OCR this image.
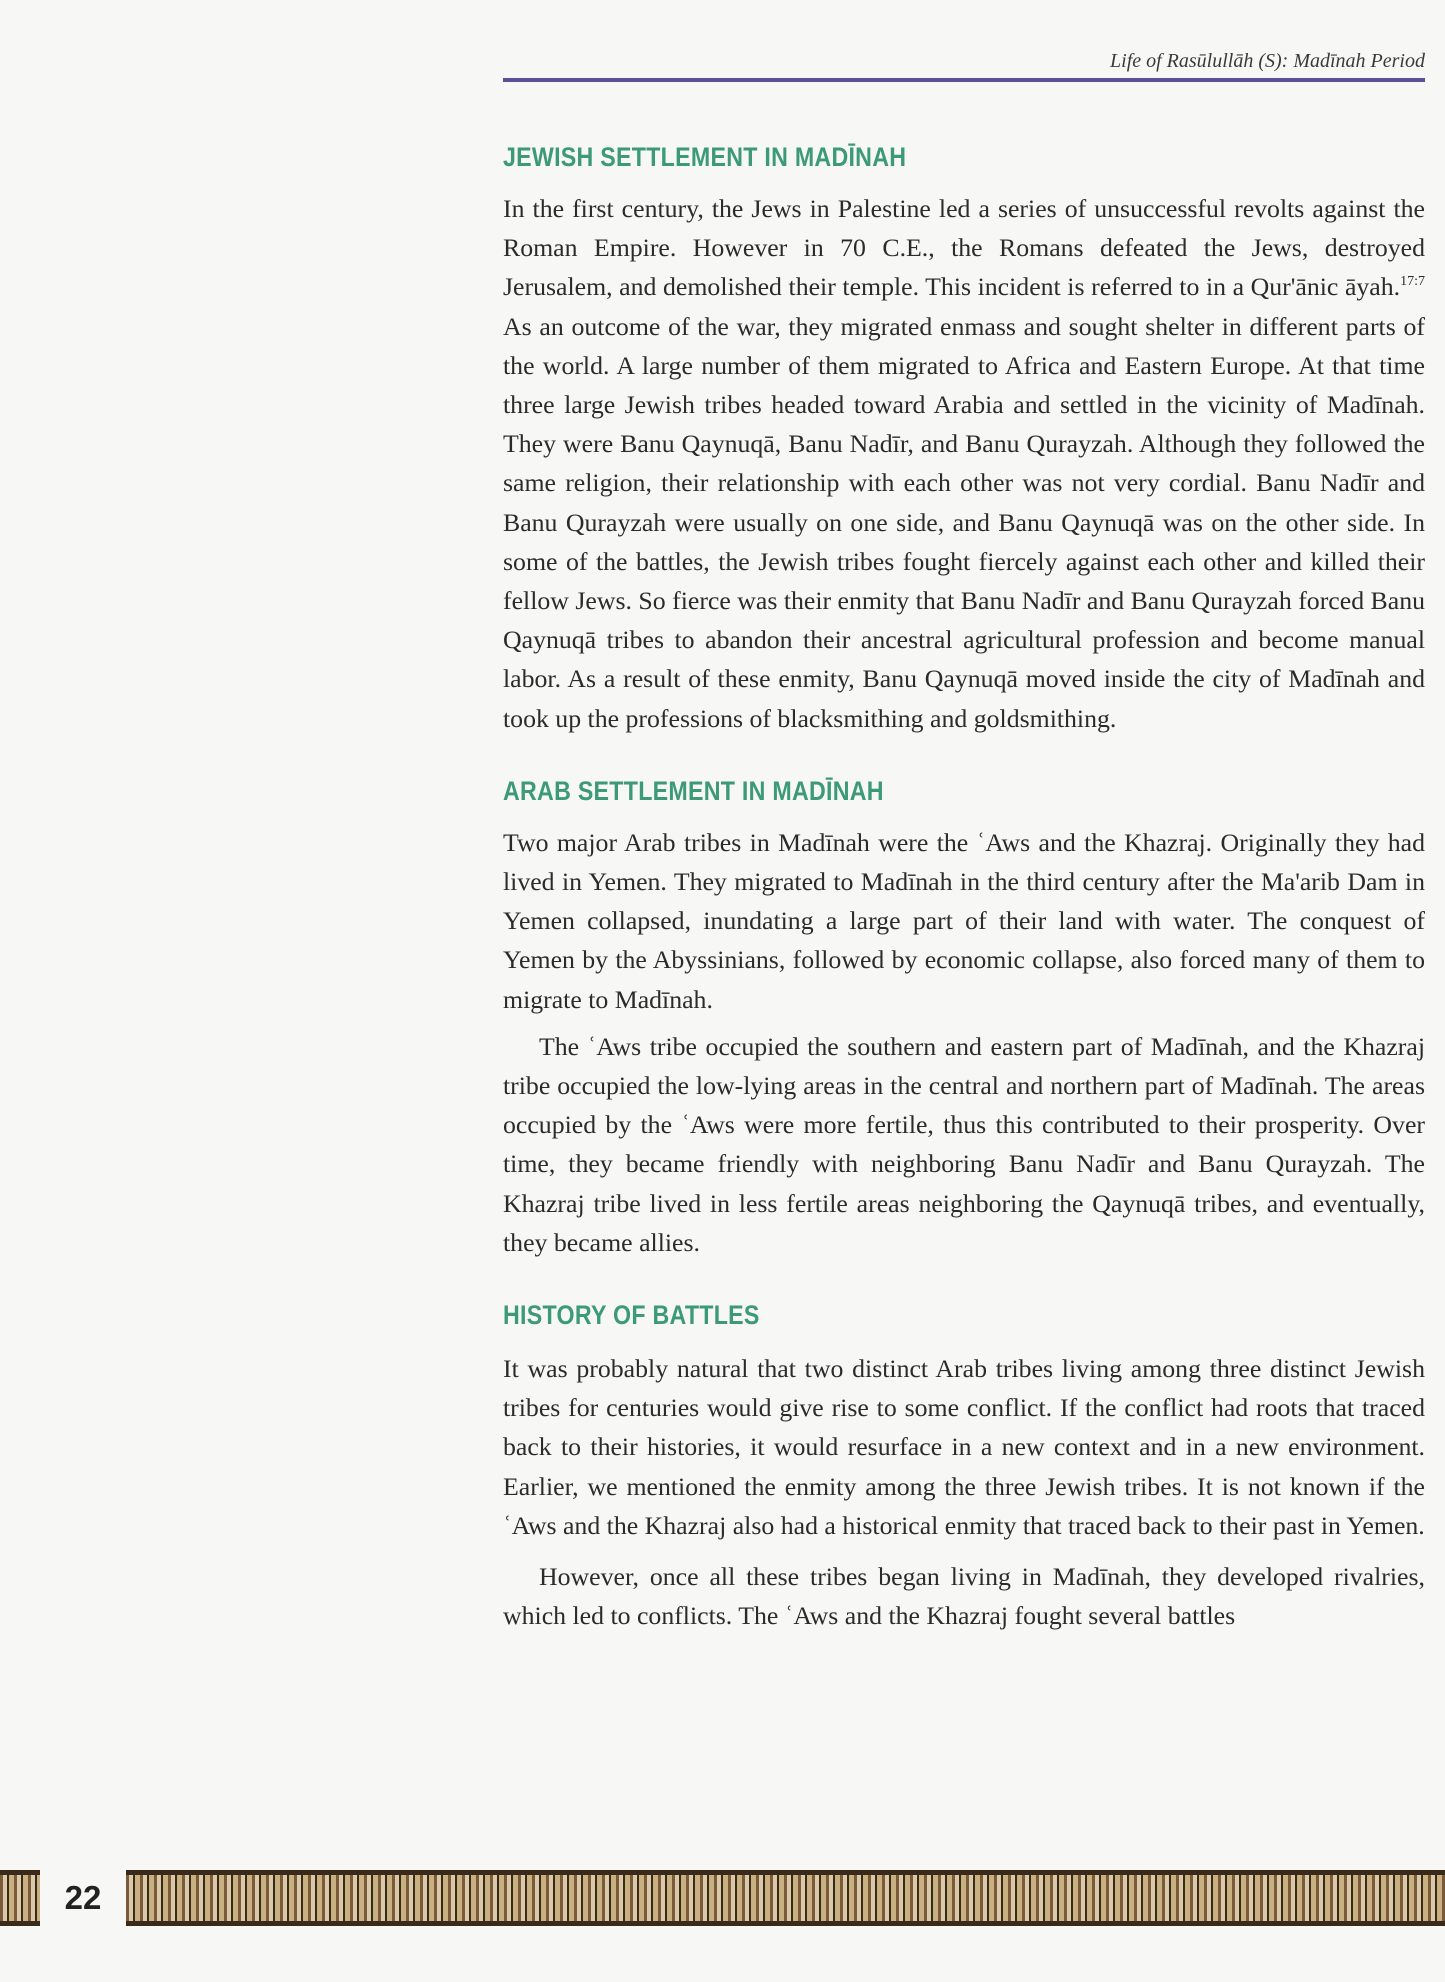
Life of Rasūlullāh (S): Madīnah Period
JEWISH SETTLEMENT IN MADĪNAH

In the first century, the Jews in Palestine led a series of unsuccessful revolts against the Roman Empire. However in 70 C.E., the Romans defeated the Jews, destroyed Jerusalem, and demolished their temple. This incident is referred to in a Qur'ānic āyah.$^{17:7}$ As an outcome of the war, they migrated enmass and sought shelter in different parts of the world. A large number of them migrated to Africa and Eastern Europe. At that time three large Jewish tribes headed toward Arabia and settled in the vicinity of Madīnah. They were Banu Qaynuqā, Banu Nadīr, and Banu Qurayzah. Although they followed the same religion, their relationship with each other was not very cordial. Banu Nadīr and Banu Qurayzah were usually on one side, and Banu Qaynuqā was on the other side. In some of the battles, the Jewish tribes fought fiercely against each other and killed their fellow Jews. So fierce was their enmity that Banu Nadīr and Banu Qurayzah forced Banu Qaynuqā tribes to abandon their ancestral agricultural profession and become manual labor. As a result of these enmity, Banu Qaynuqā moved inside the city of Madīnah and took up the professions of blacksmithing and goldsmithing.

ARAB SETTLEMENT IN MADĪNAH

Two major Arab tribes in Madīnah were the ʿAws and the Khazraj. Originally they had lived in Yemen. They migrated to Madīnah in the third century after the Ma'arib Dam in Yemen collapsed, inundating a large part of their land with water. The conquest of Yemen by the Abyssinians, followed by economic collapse, also forced many of them to migrate to Madīnah.

The ʿAws tribe occupied the southern and eastern part of Madīnah, and the Khazraj tribe occupied the low-lying areas in the central and northern part of Madīnah. The areas occupied by the ʿAws were more fertile, thus this contributed to their prosperity. Over time, they became friendly with neighboring Banu Nadīr and Banu Qurayzah. The Khazraj tribe lived in less fertile areas neighboring the Qaynuqā tribes, and eventually, they became allies.

HISTORY OF BATTLES

It was probably natural that two distinct Arab tribes living among three distinct Jewish tribes for centuries would give rise to some conflict. If the conflict had roots that traced back to their histories, it would resurface in a new context and in a new environment. Earlier, we mentioned the enmity among the three Jewish tribes. It is not known if the ʿAws and the Khazraj also had a historical enmity that traced back to their past in Yemen.

However, once all these tribes began living in Madīnah, they developed rivalries, which led to conflicts. The ʿAws and the Khazraj fought several battles

22
